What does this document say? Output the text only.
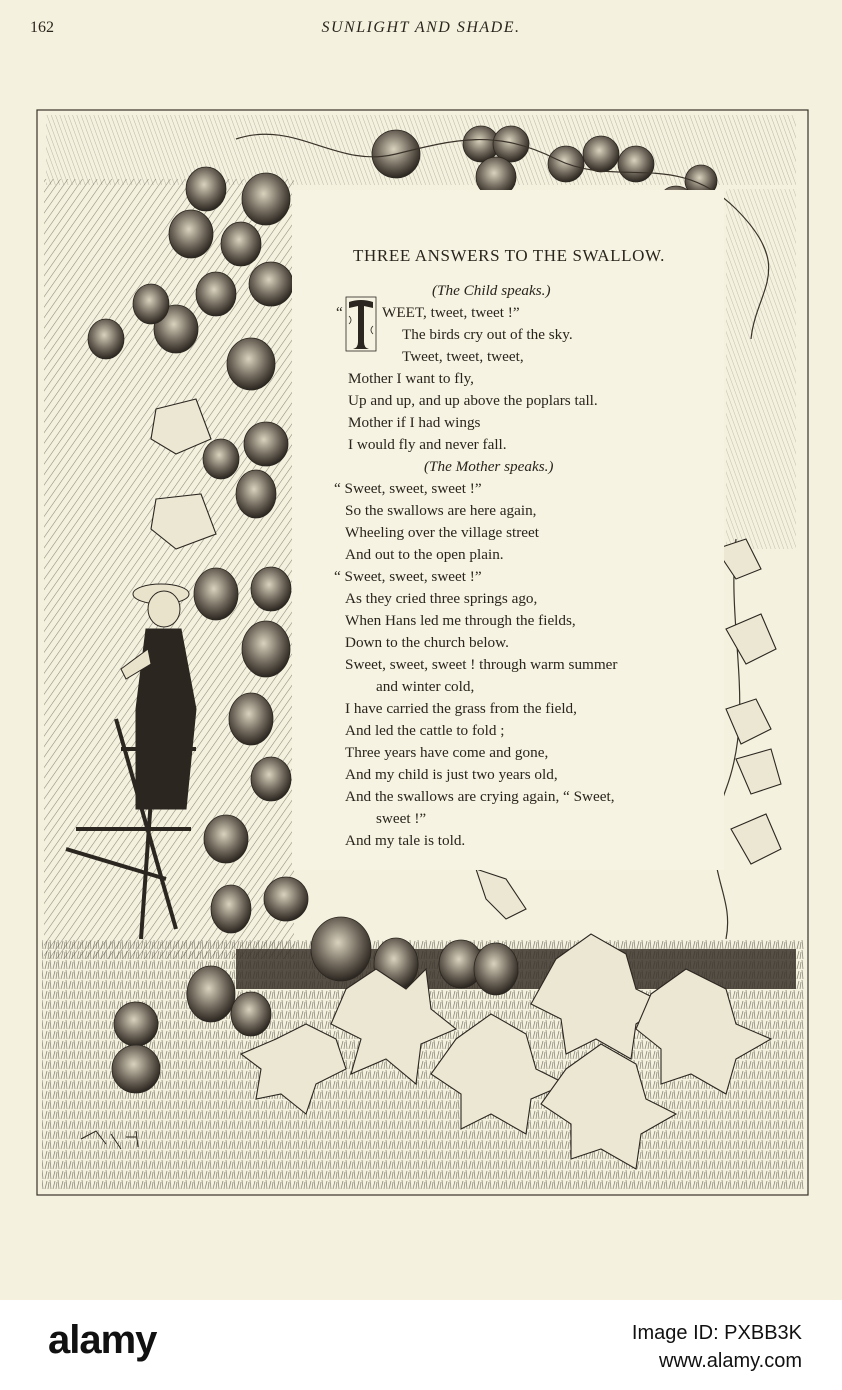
162	SUNLIGHT AND SHADE.
THREE ANSWERS TO THE SWALLOW.
(The Child speaks.)
“	WEET, tweet, tweet !”
The birds cry out of the sky.
Tweet, tweet, tweet,
Mother I want to fly,
Up and up, and up above the poplars tall.
Mother if I had wings
I would fly and never fall.
(The Mother speaks.)
“ Sweet, sweet, sweet !”
So the swallows are here again,
Wheeling over the village street
And out to the open plain.
“ Sweet, sweet, sweet !”
As they cried three springs ago,
When Hans led me through the fields,
Down to the church below.
Sweet, sweet, sweet ! through warm summer
and winter cold,
I have carried the grass from the field,
And led the cattle to fold ;
Three years have come and gone,
And my child is just two years old,
And the swallows are crying again, “ Sweet,
sweet !”
And my tale is told.
alamy	Image ID: PXBB3K
www.alamy.com
